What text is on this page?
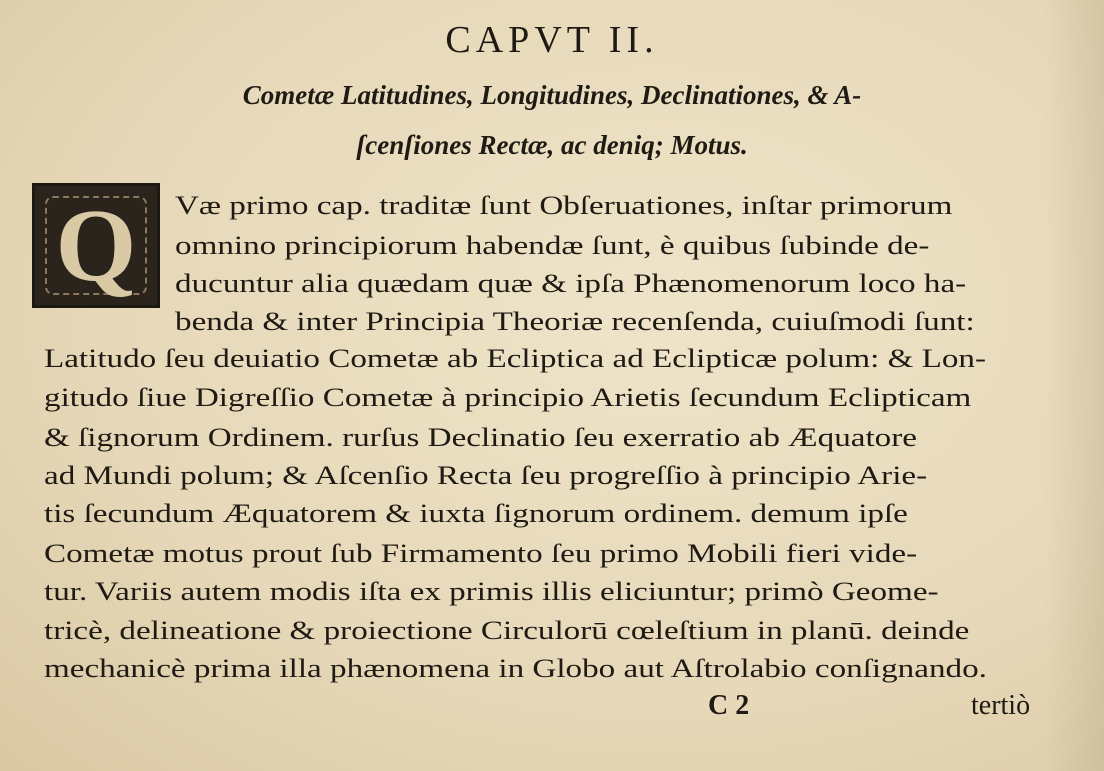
CAPVT II.
Cometæ Latitudines, Longitudines, Declinationes, & A-
ſcenſiones Rectæ, ac deniq; Motus.
Q	Væ primo cap. traditæ ſunt Obſeruationes, inſtar primorum
omnino principiorum habendæ ſunt, è quibus ſubinde de-
ducuntur alia quædam quæ & ipſa Phænomenorum loco ha-
benda & inter Principia Theoriæ recenſenda, cuiuſmodi ſunt:
Latitudo ſeu deuiatio Cometæ ab Ecliptica ad Eclipticæ polum: & Lon-
gitudo ſiue Digreſſio Cometæ à principio Arietis ſecundum Eclipticam
& ſignorum Ordinem. rurſus Declinatio ſeu exerratio ab Æquatore
ad Mundi polum; & Aſcenſio Recta ſeu progreſſio à principio Arie-
tis ſecundum Æquatorem & iuxta ſignorum ordinem. demum ipſe
Cometæ motus prout ſub Firmamento ſeu primo Mobili fieri vide-
tur. Variis autem modis iſta ex primis illis eliciuntur; primò Geome-
tricè, delineatione & proiectione Circulorū cœleſtium in planū. deinde
mechanicè prima illa phænomena in Globo aut Aſtrolabio conſignando.
C 2	tertiò
